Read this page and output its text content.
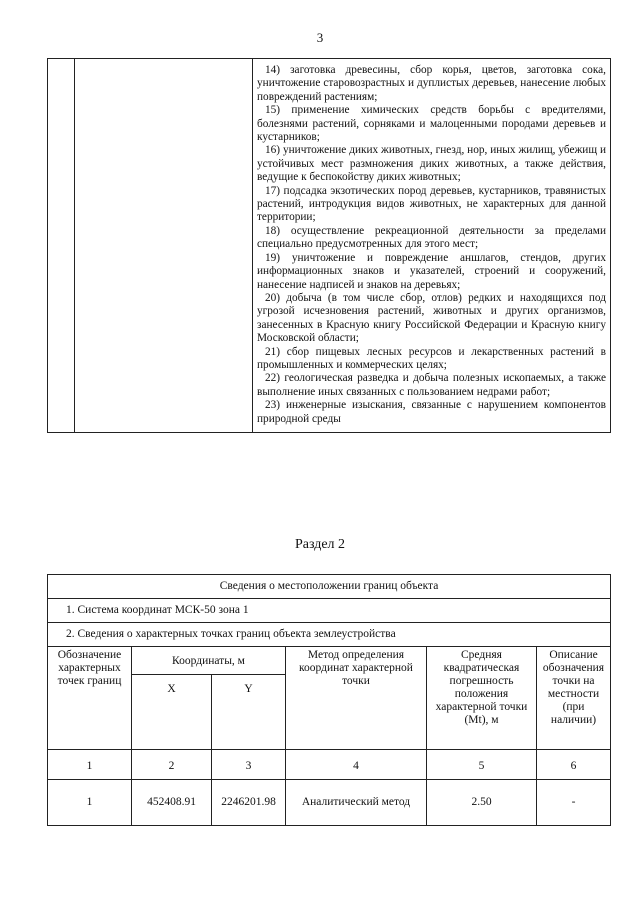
3

14) заготовка древесины, сбор корья, цветов, заготовка сока, уничтожение старовозрастных и дуплистых деревьев, нанесение любых повреждений растениям;

15) применение химических средств борьбы с вредителями, болезнями растений, сорняками и малоценными породами деревьев и кустарников;

16) уничтожение диких животных, гнезд, нор, иных жилищ, убежищ и устойчивых мест размножения диких животных, а также действия, ведущие к беспокойству диких животных;

17) подсадка экзотических пород деревьев, кустарников, травянистых растений, интродукция видов животных, не характерных для данной территории;

18) осуществление рекреационной деятельности за пределами специально предусмотренных для этого мест;

19) уничтожение и повреждение аншлагов, стендов, других информационных знаков и указателей, строений и сооружений, нанесение надписей и знаков на деревьях;

20) добыча (в том числе сбор, отлов) редких и находящихся под угрозой исчезновения растений, животных и других организмов, занесенных в Красную книгу Российской Федерации и Красную книгу Московской области;

21) сбор пищевых лесных ресурсов и лекарственных растений в промышленных и коммерческих целях;

22) геологическая разведка и добыча полезных ископаемых, а также выполнение иных связанных с пользованием недрами работ;

23) инженерные изыскания, связанные с нарушением компонентов природной среды

Раздел 2
Сведения о местоположении границ объекта					
1. Система координат МСК-50 зона 1					
2. Сведения о характерных точках границ объекта землеустройства					
Обозначение характерных точек границ	Координаты, м		Метод определения координат характерной точки	Средняя квадратическая погрешность положения характерной точки (Mt), м	Описание обозначения точки на местности (при наличии)
	X	Y			
1	2	3	4	5	6
1	452408.91	2246201.98	Аналитический метод	2.50	-
